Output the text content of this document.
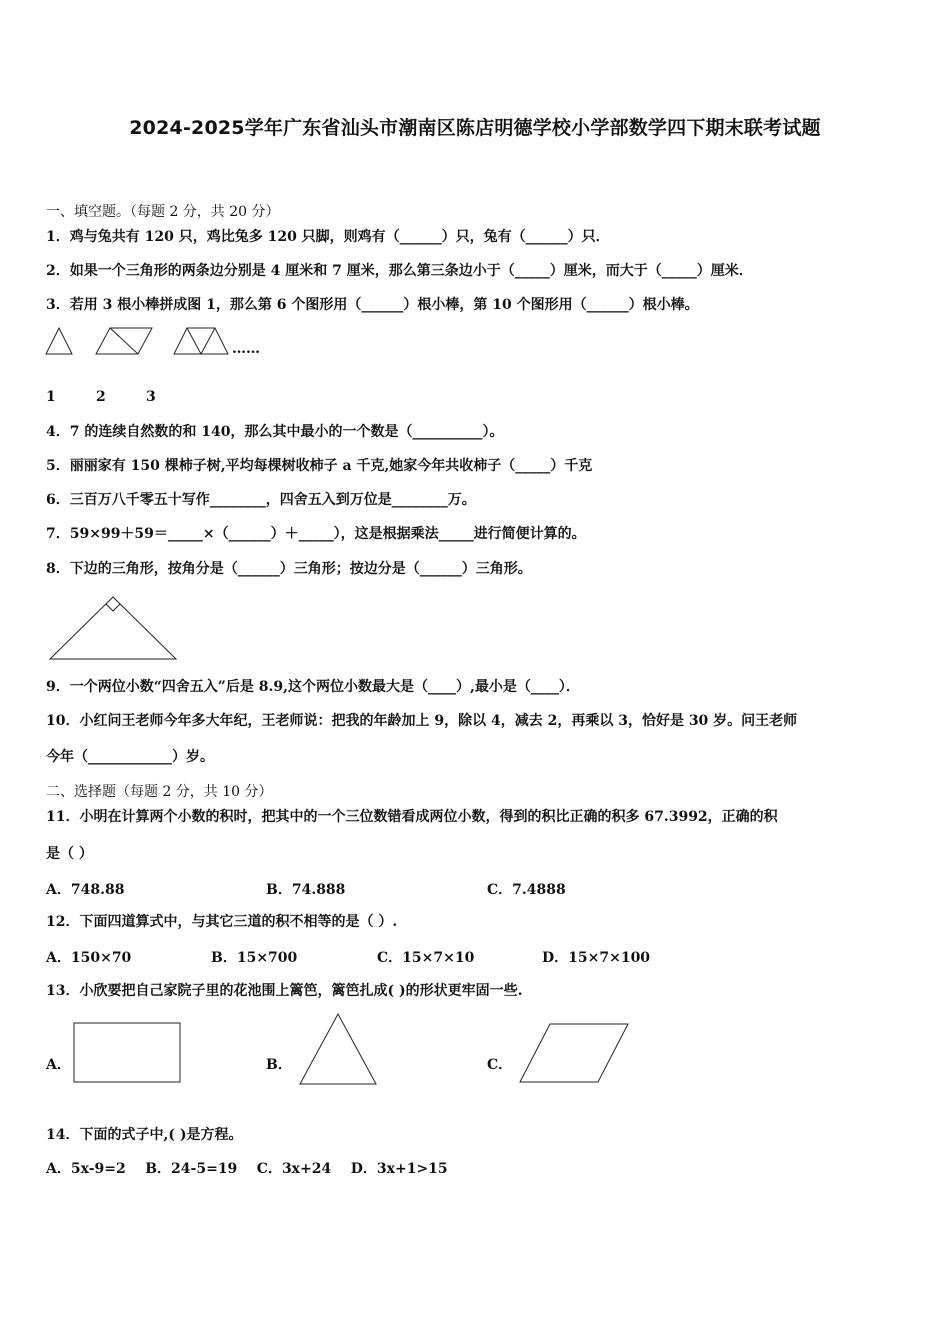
2024-2025学年广东省汕头市潮南区陈店明德学校小学部数学四下期末联考试题
一、填空题。（每题 2 分，共 20 分）
1．鸡与兔共有 120 只，鸡比兔多 120 只脚，则鸡有（______）只，兔有（______）只．
2．如果一个三角形的两条边分别是 4 厘米和 7 厘米，那么第三条边小于（_____）厘米，而大于（_____）厘米．
3．若用 3 根小棒拼成图 1，那么第 6 个图形用（______）根小棒，第 10 个图形用（______）根小棒。
……
1	2	3
4．7 的连续自然数的和 140，那么其中最小的一个数是（__________）。
5．丽丽家有 150 棵柿子树,平均每棵树收柿子 a 千克,她家今年共收柿子（_____）千克
6．三百万八千零五十写作________，四舍五入到万位是________万。
7．59×99＋59＝_____×（______）＋_____），这是根据乘法_____进行简便计算的。
8．下边的三角形，按角分是（______）三角形；按边分是（______）三角形。
9．一个两位小数“四舍五入”后是 8.9,这个两位小数最大是（____）,最小是（____）．
10．小红问王老师今年多大年纪，王老师说：把我的年龄加上 9，除以 4，减去 2，再乘以 3，恰好是 30 岁。问王老师
今年（____________）岁。
二、选择题（每题 2 分，共 10 分）
11．小明在计算两个小数的积时，把其中的一个三位数错看成两位小数，得到的积比正确的积多 67.3992，正确的积
是（ ）
A．748.88	B．74.888	C．7.4888
12．下面四道算式中，与其它三道的积不相等的是（ ）.
A．150×70	B．15×700	C．15×7×10	D．15×7×100
13．小欣要把自己家院子里的花池围上篱笆，篱笆扎成( )的形状更牢固一些.
A．	B．	C．
14．下面的式子中,( )是方程。
A．5x-9=2    B．24-5=19    C．3x+24    D．3x+1>15
